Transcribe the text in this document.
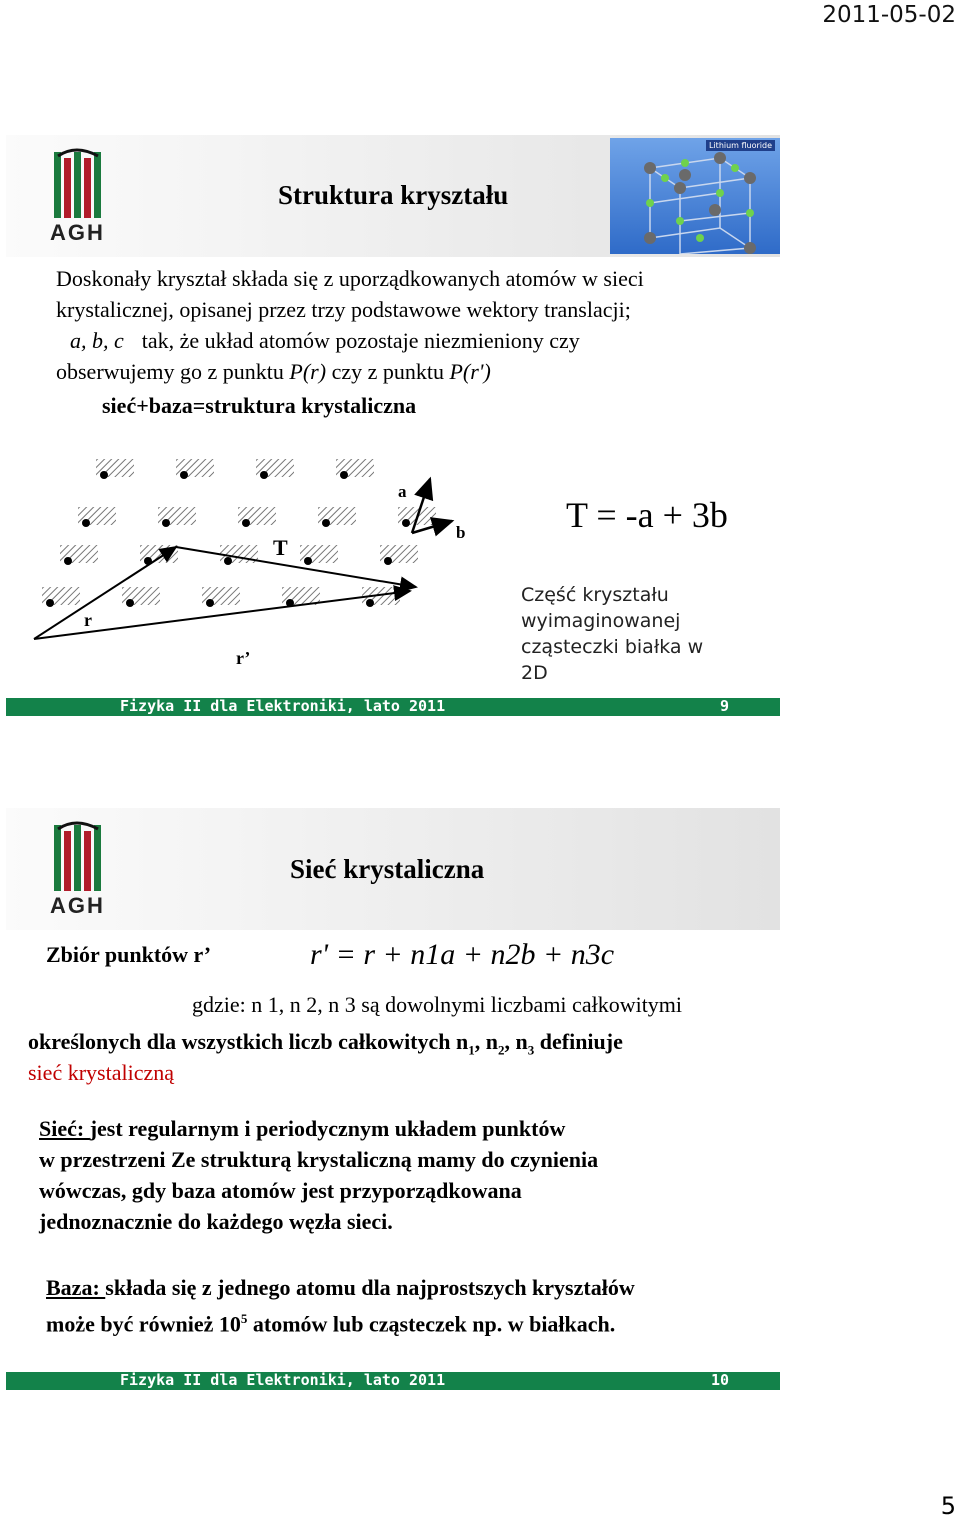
2011-05-02
AGH
Struktura kryształu
Lithium fluoride
Doskonały kryształ składa się z uporządkowanych atomów w sieci
krystalicznej, opisanej przez trzy podstawowe wektory translacji;
a, b, c tak, że układ atomów pozostaje niezmieniony czy
obserwujemy go z punktu P(r) czy z punktu P(r')
sieć+baza=struktura krystaliczna
a
b
T
r
r’
T = -a + 3b
Część kryształu
wyimaginowanej
cząsteczki białka w
2D
Fizyka II dla Elektroniki, lato 2011	9
AGH
Sieć krystaliczna
Zbiór punktów r’	r' = r + n1a + n2b + n3c
gdzie: n 1, n 2, n 3 są dowolnymi liczbami całkowitymi
określonych dla wszystkich liczb całkowitych $n_1$, $n_2$, $n_3$ definiuje
sieć krystaliczną
Sieć: jest regularnym i periodycznym układem punktów
w przestrzeni Ze strukturą krystaliczną mamy do czynienia
wówczas, gdy baza atomów jest przyporządkowana
jednoznacznie do każdego węzła sieci.
Baza: składa się z jednego atomu dla najprostszych kryształów
może być również $10^5$ atomów lub cząsteczek np. w białkach.
Fizyka II dla Elektroniki, lato 2011	10
5
